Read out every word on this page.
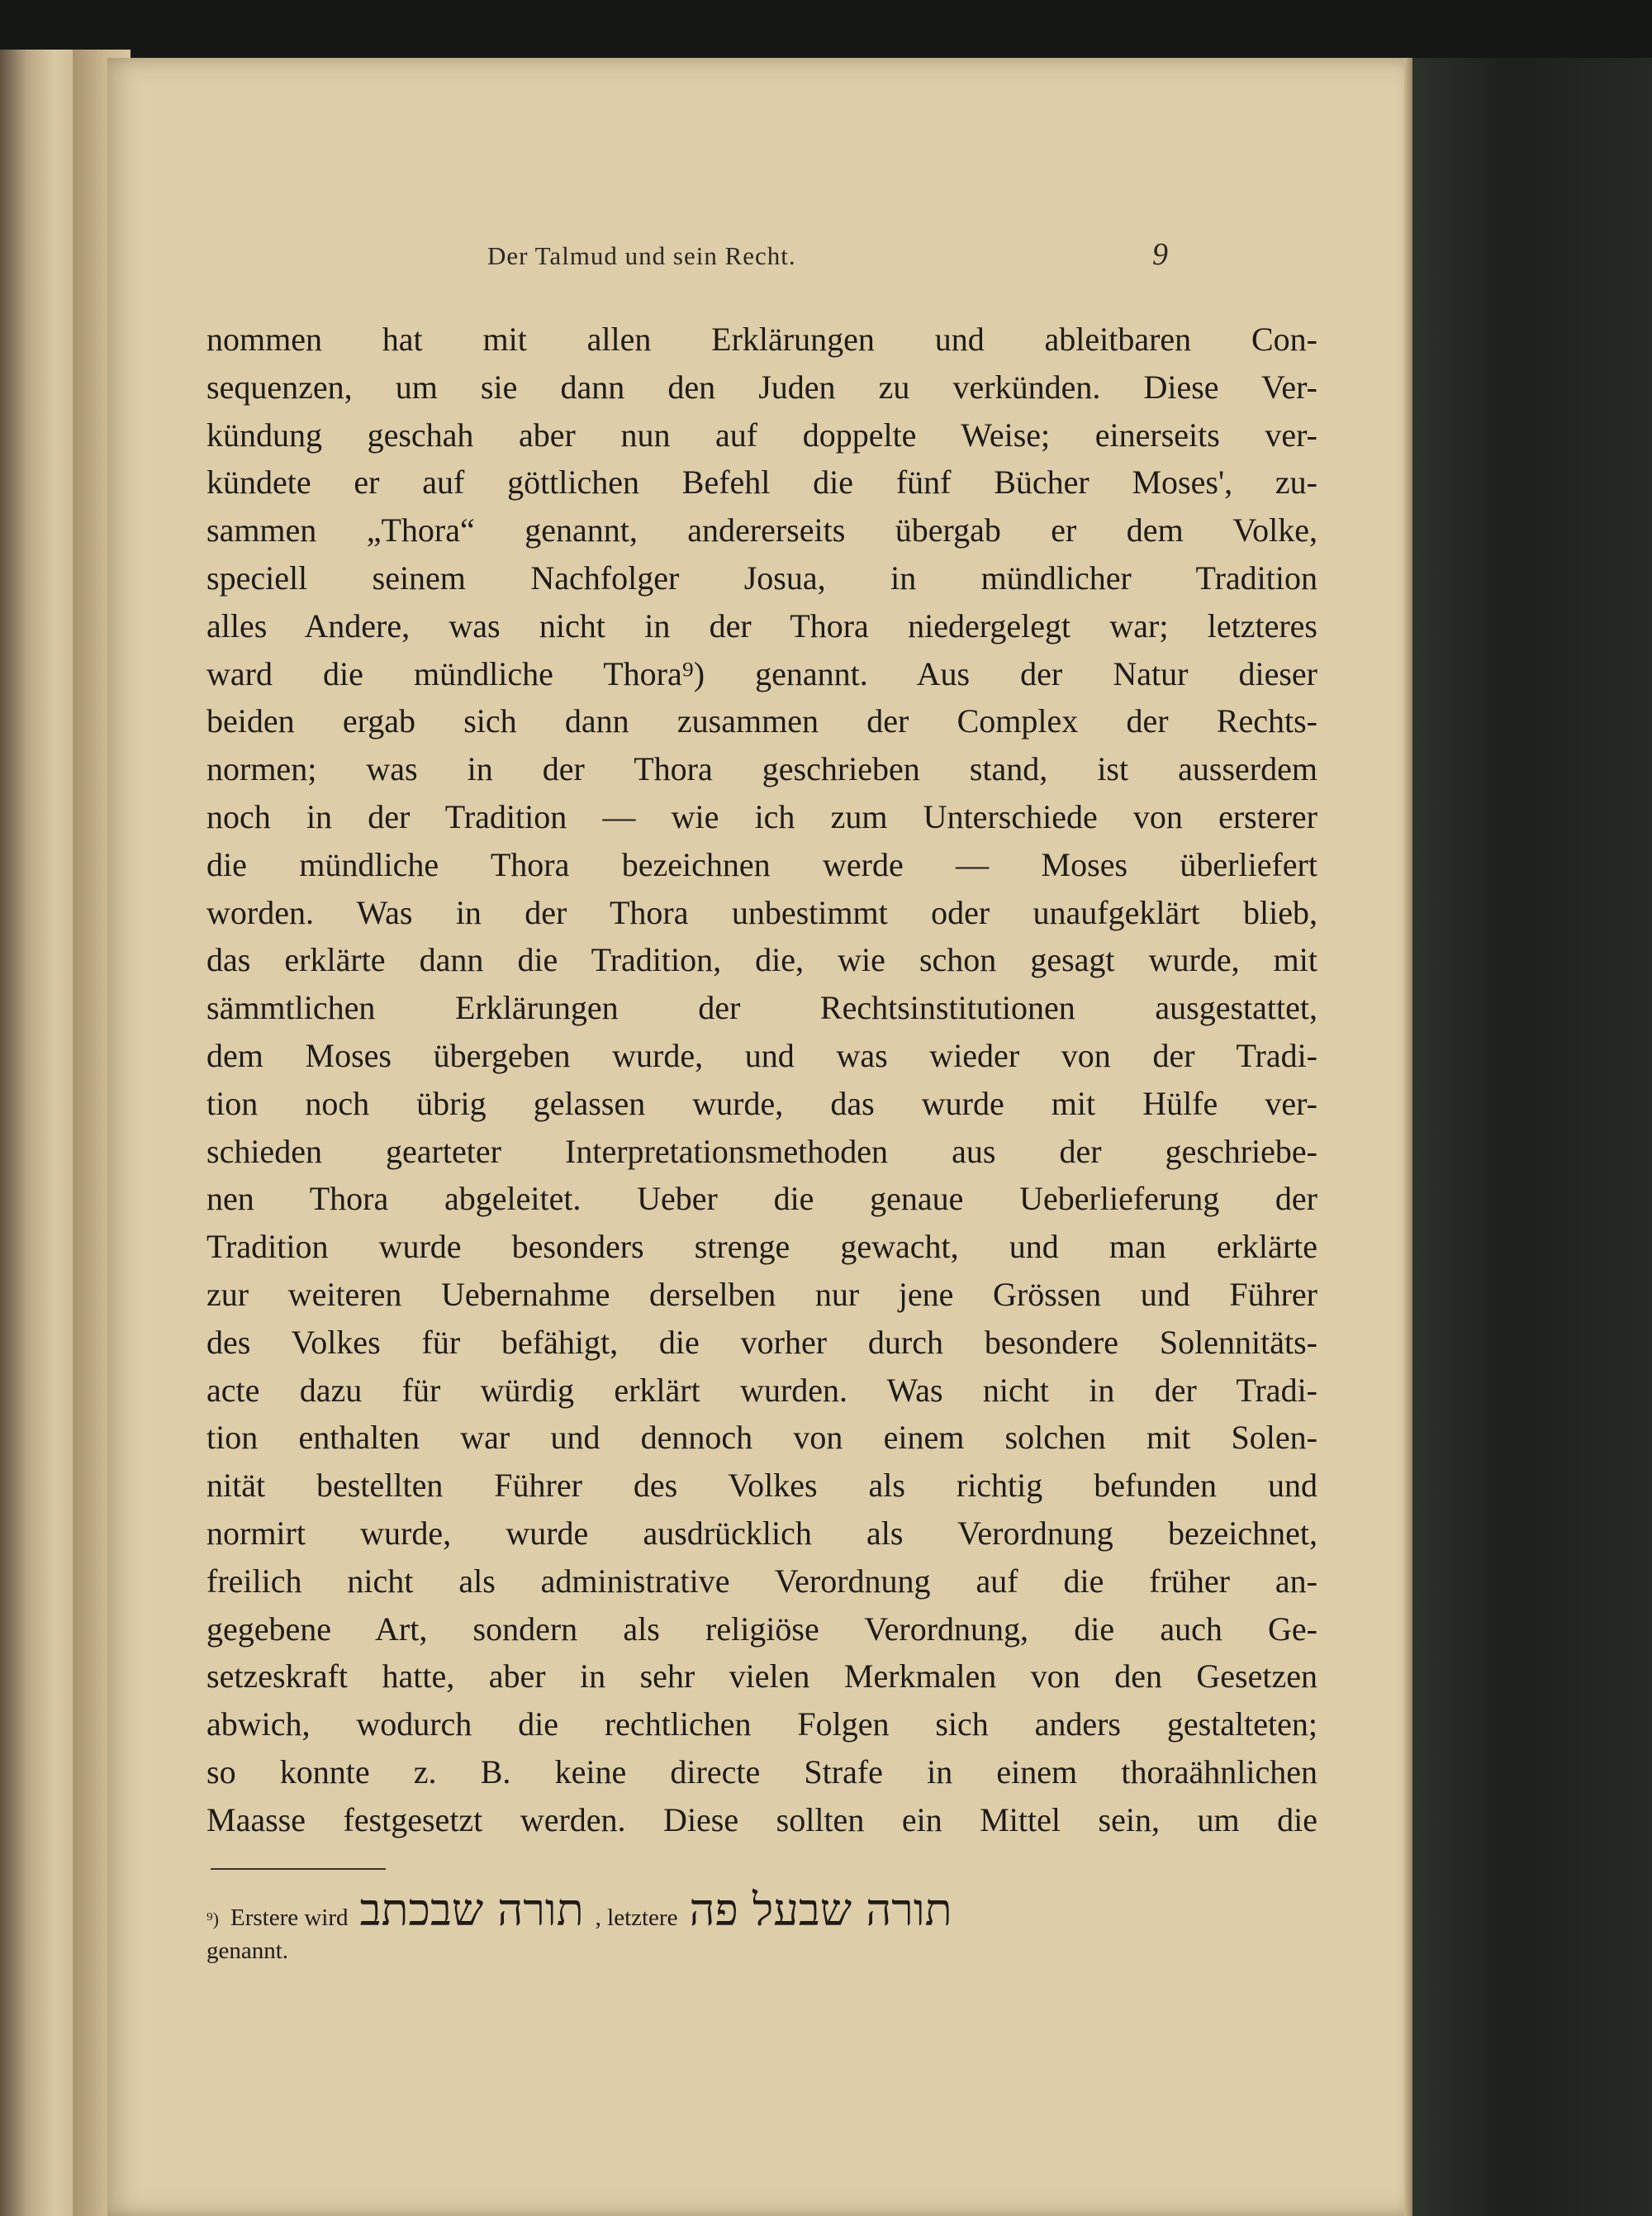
Der Talmud und sein Recht.	9
nommen hat mit allen Erklärungen und ableitbaren Con-
sequenzen, um sie dann den Juden zu verkünden. Diese Ver-
kündung geschah aber nun auf doppelte Weise; einerseits ver-
kündete er auf göttlichen Befehl die fünf Bücher Moses', zu-
sammen „Thora“ genannt, andererseits übergab er dem Volke,
speciell seinem Nachfolger Josua, in mündlicher Tradition
alles Andere, was nicht in der Thora niedergelegt war; letzteres
ward die mündliche Thora⁹) genannt. Aus der Natur dieser
beiden ergab sich dann zusammen der Complex der Rechts-
normen; was in der Thora geschrieben stand, ist ausserdem
noch in der Tradition — wie ich zum Unterschiede von ersterer
die mündliche Thora bezeichnen werde — Moses überliefert
worden. Was in der Thora unbestimmt oder unaufgeklärt blieb,
das erklärte dann die Tradition, die, wie schon gesagt wurde, mit
sämmtlichen Erklärungen der Rechtsinstitutionen ausgestattet,
dem Moses übergeben wurde, und was wieder von der Tradi-
tion noch übrig gelassen wurde, das wurde mit Hülfe ver-
schieden gearteter Interpretationsmethoden aus der geschriebe-
nen Thora abgeleitet. Ueber die genaue Ueberlieferung der
Tradition wurde besonders strenge gewacht, und man erklärte
zur weiteren Uebernahme derselben nur jene Grössen und Führer
des Volkes für befähigt, die vorher durch besondere Solennitäts-
acte dazu für würdig erklärt wurden. Was nicht in der Tradi-
tion enthalten war und dennoch von einem solchen mit Solen-
nität bestellten Führer des Volkes als richtig befunden und
normirt wurde, wurde ausdrücklich als Verordnung bezeichnet,
freilich nicht als administrative Verordnung auf die früher an-
gegebene Art, sondern als religiöse Verordnung, die auch Ge-
setzeskraft hatte, aber in sehr vielen Merkmalen von den Gesetzen
abwich, wodurch die rechtlichen Folgen sich anders gestalteten;
so konnte z. B. keine directe Strafe in einem thoraähnlichen
Maasse festgesetzt werden. Diese sollten ein Mittel sein, um die
⁹) Erstere wird תורה שבכתב , letztere תורה שבעל פה
genannt.
